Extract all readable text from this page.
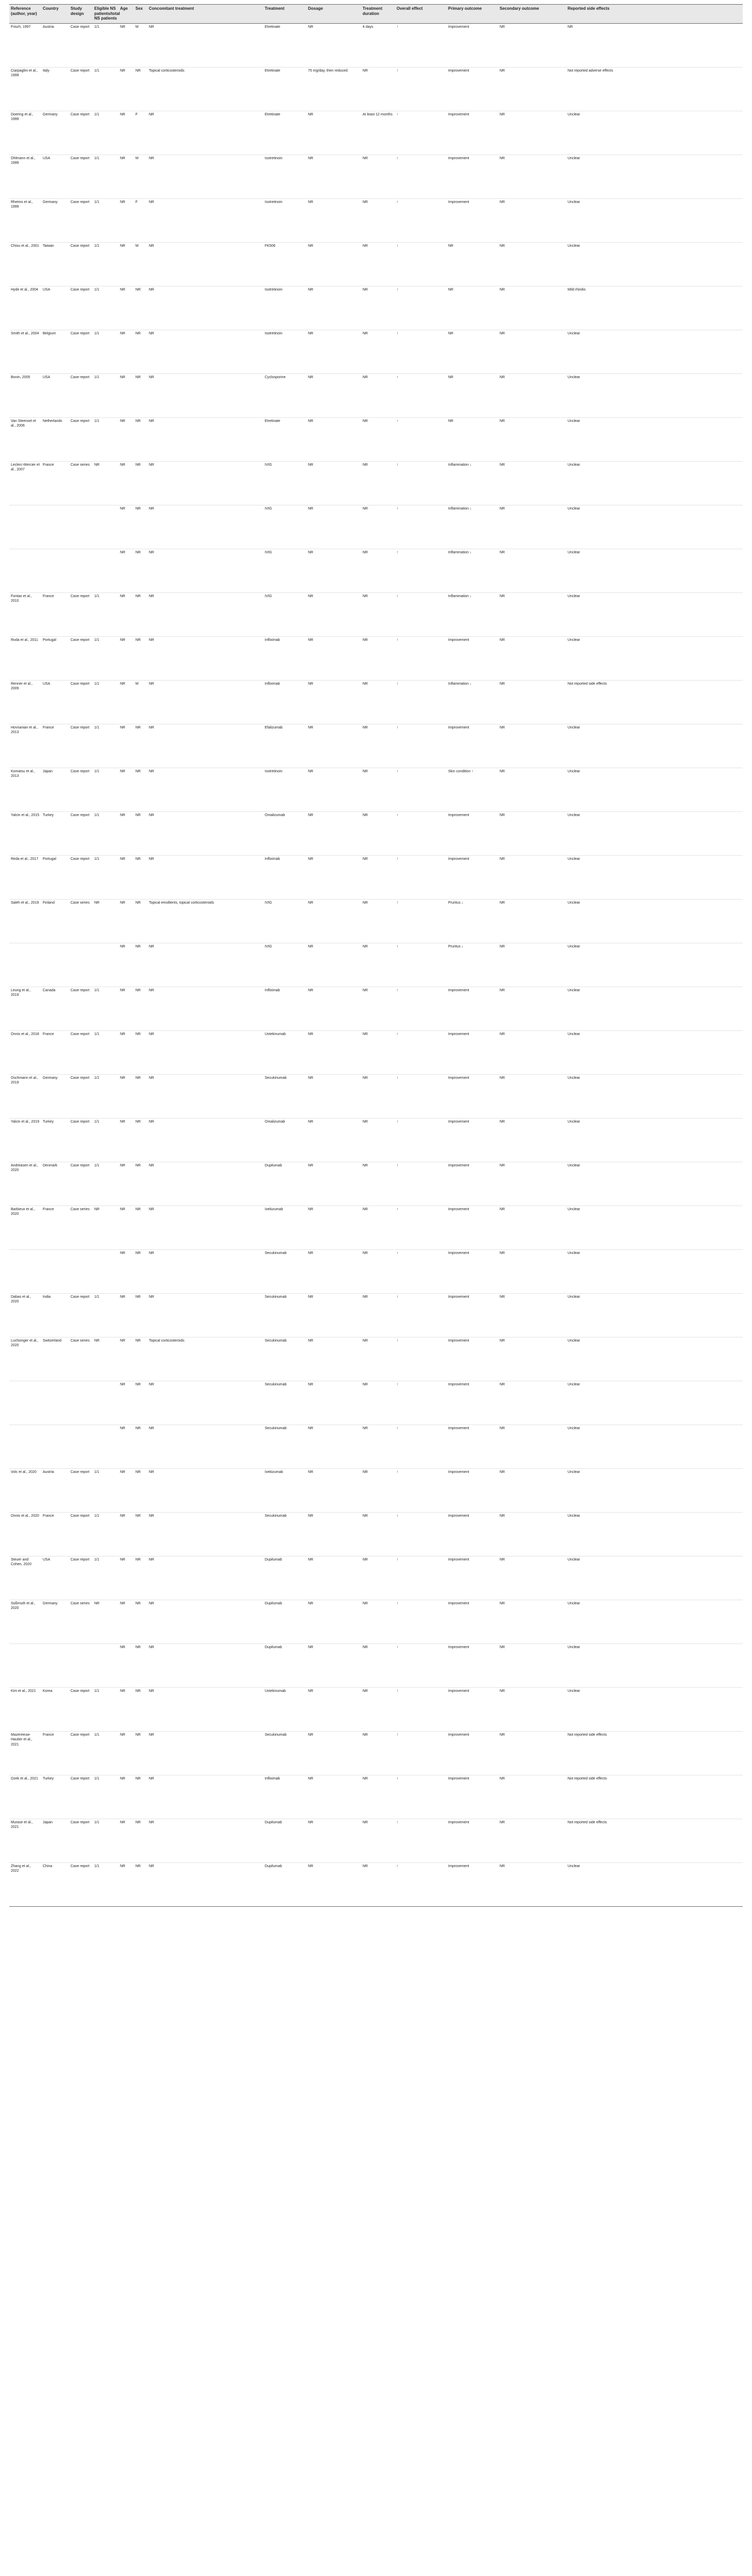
Reference (author, year)	Country	Study design	Eligible NS patients/total NS patients	Age	Sex	Concomitant treatment	Treatment	Dosage	Treatment duration	Overall effect	Primary outcome	Secondary outcome	Reported side effects
Frisch, 1997	Austria	Case report	1/1	NR	M	NR	Etretinate	NR	4 days	↑	Improvement	NR	NR
Ciarpaglini et al., 1999	Italy	Case report	1/1	NR	NR	Topical corticosteroids	Etretinate	75 mg/day, then reduced	NR	↑	Improvement	NR	Not reported adverse effects
Doering et al., 1999	Germany	Case report	1/1	NR	F	NR	Etretinate	NR	At least 12 months	↑	Improvement	NR	Unclear
Ohlmann et al., 1999	USA	Case report	1/1	NR	M	NR	Isotretinoin	NR	NR	↑	Improvement	NR	Unclear
Rheims et al., 1999	Germany	Case report	1/1	NR	F	NR	Isotretinoin	NR	NR	↑	Improvement	NR	Unclear
Chiou et al., 2001	Taiwan	Case report	1/1	NR	M	NR	FK506	NR	NR	↑	NR	NR	Unclear
Hyde et al., 2004	USA	Case report	1/1	NR	NR	NR	Isotretinoin	NR	NR	↑	NR	NR	Mild rhinitis
Smith et al., 2004	Belgium	Case report	1/1	NR	NR	NR	Isotretinoin	NR	NR	↑	NR	NR	Unclear
Bonin, 2005	USA	Case report	1/1	NR	NR	NR	Cyclosporine	NR	NR	↑	NR	NR	Unclear
Van Steensel et al., 2006	Netherlands	Case report	1/1	NR	NR	NR	Etretinate	NR	NR	↑	NR	NR	Unclear
Leclerc-Mercier et al., 2007	France	Case series	NR	NR	NR	NR	IVIG	NR	NR	↑	Inflammation ↓	NR	Unclear
				NR	NR	NR	IVIG	NR	NR	↑	Inflammation ↓	NR	Unclear
				NR	NR	NR	IVIG	NR	NR	↑	Inflammation ↓	NR	Unclear
Fontao et al., 2010	France	Case report	1/1	NR	NR	NR	IVIG	NR	NR	↑	Inflammation ↓	NR	Unclear
Roda et al., 2011	Portugal	Case report	1/1	NR	NR	NR	Infliximab	NR	NR	↑	Improvement	NR	Unclear
Renner et al., 2009	USA	Case report	1/1	NR	M	NR	Infliximab	NR	NR	↑	Inflammation ↓	NR	Not reported side effects
Hovnanian et al., 2013	France	Case report	1/1	NR	NR	NR	Efalizumab	NR	NR	↑	Improvement	NR	Unclear
Komatsu et al., 2013	Japan	Case report	1/1	NR	NR	NR	Isotretinoin	NR	NR	↑	Skin condition ↑	NR	Unclear
Yalcin et al., 2015	Turkey	Case report	1/1	NR	NR	NR	Omalizumab	NR	NR	↑	Improvement	NR	Unclear
Reda et al., 2017	Portugal	Case report	1/1	NR	NR	NR	Infliximab	NR	NR	↑	Improvement	NR	Unclear
Saleh et al., 2019	Finland	Case series	NR	NR	NR	Topical emollients, topical corticosteroids	IVIG	NR	NR	↑	Pruritus ↓	NR	Unclear
				NR	NR	NR	IVIG	NR	NR	↑	Pruritus ↓	NR	Unclear
Leung et al., 2019	Canada	Case report	1/1	NR	NR	NR	Infliximab	NR	NR	↑	Improvement	NR	Unclear
Onnis et al., 2018	France	Case report	1/1	NR	NR	NR	Ustekinumab	NR	NR	↑	Improvement	NR	Unclear
Oschmann et al., 2019	Germany	Case report	1/1	NR	NR	NR	Secukinumab	NR	NR	↑	Improvement	NR	Unclear
Yalcin et al., 2019	Turkey	Case report	1/1	NR	NR	NR	Omalizumab	NR	NR	↑	Improvement	NR	Unclear
Andreasen et al., 2020	Denmark	Case report	1/1	NR	NR	NR	Dupilumab	NR	NR	↑	Improvement	NR	Unclear
Barbieux et al., 2020	France	Case series	NR	NR	NR	NR	Ixekizumab	NR	NR	↑	Improvement	NR	Unclear
				NR	NR	NR	Secukinumab	NR	NR	↑	Improvement	NR	Unclear
Dabas et al., 2020	India	Case report	1/1	NR	NR	NR	Secukinumab	NR	NR	↑	Improvement	NR	Unclear
Luchsinger et al., 2020	Switzerland	Case series	NR	NR	NR	Topical corticosteroids	Secukinumab	NR	NR	↑	Improvement	NR	Unclear
				NR	NR	NR	Secukinumab	NR	NR	↑	Improvement	NR	Unclear
				NR	NR	NR	Secukinumab	NR	NR	↑	Improvement	NR	Unclear
Volc et al., 2020	Austria	Case report	1/1	NR	NR	NR	Ixekizumab	NR	NR	↑	Improvement	NR	Unclear
Onnis et al., 2020	France	Case report	1/1	NR	NR	NR	Secukinumab	NR	NR	↑	Improvement	NR	Unclear
Steuer and Cohen, 2020	USA	Case report	1/1	NR	NR	NR	Dupilumab	NR	NR	↑	Improvement	NR	Unclear
Süßmuth et al., 2020	Germany	Case series	NR	NR	NR	NR	Dupilumab	NR	NR	↑	Improvement	NR	Unclear
				NR	NR	NR	Dupilumab	NR	NR	↑	Improvement	NR	Unclear
Kim et al., 2021	Korea	Case report	1/1	NR	NR	NR	Ustekinumab	NR	NR	↑	Improvement	NR	Unclear
Mazereeuw-Hautier et al., 2021	France	Case report	1/1	NR	NR	NR	Secukinumab	NR	NR	↑	Improvement	NR	Not reported side effects
Ozek et al., 2021	Turkey	Case report	1/1	NR	NR	NR	Infliximab	NR	NR	↑	Improvement	NR	Not reported side effects
Murase et al., 2021	Japan	Case report	1/1	NR	NR	NR	Dupilumab	NR	NR	↑	Improvement	NR	Not reported side effects
Zhang et al., 2022	China	Case report	1/1	NR	NR	NR	Dupilumab	NR	NR	↑	Improvement	NR	Unclear
